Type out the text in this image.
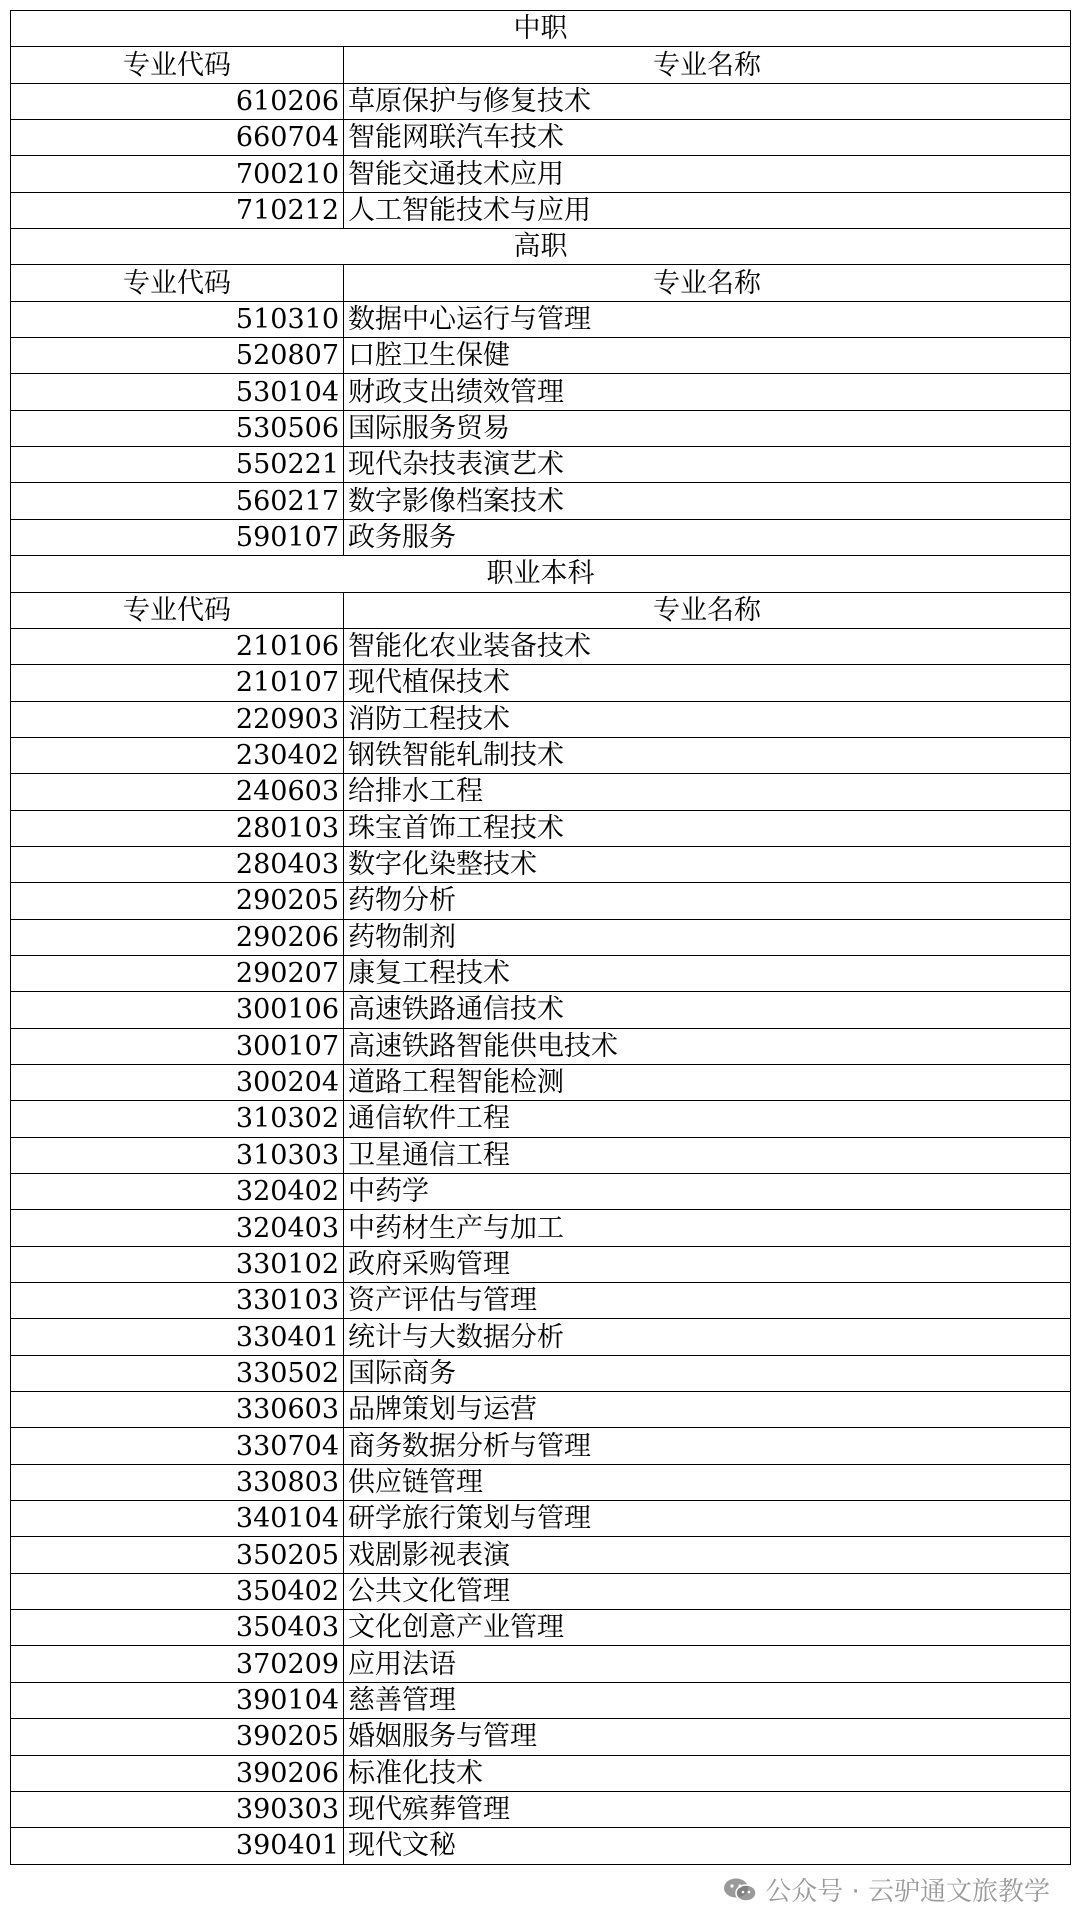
中职	
专业代码	专业名称
610206	草原保护与修复技术
660704	智能网联汽车技术
700210	智能交通技术应用
710212	人工智能技术与应用
高职	
专业代码	专业名称
510310	数据中心运行与管理
520807	口腔卫生保健
530104	财政支出绩效管理
530506	国际服务贸易
550221	现代杂技表演艺术
560217	数字影像档案技术
590107	政务服务
职业本科	
专业代码	专业名称
210106	智能化农业装备技术
210107	现代植保技术
220903	消防工程技术
230402	钢铁智能轧制技术
240603	给排水工程
280103	珠宝首饰工程技术
280403	数字化染整技术
290205	药物分析
290206	药物制剂
290207	康复工程技术
300106	高速铁路通信技术
300107	高速铁路智能供电技术
300204	道路工程智能检测
310302	通信软件工程
310303	卫星通信工程
320402	中药学
320403	中药材生产与加工
330102	政府采购管理
330103	资产评估与管理
330401	统计与大数据分析
330502	国际商务
330603	品牌策划与运营
330704	商务数据分析与管理
330803	供应链管理
340104	研学旅行策划与管理
350205	戏剧影视表演
350402	公共文化管理
350403	文化创意产业管理
370209	应用法语
390104	慈善管理
390205	婚姻服务与管理
390206	标准化技术
390303	现代殡葬管理
390401	现代文秘
公众号 · 云驴通文旅教学
